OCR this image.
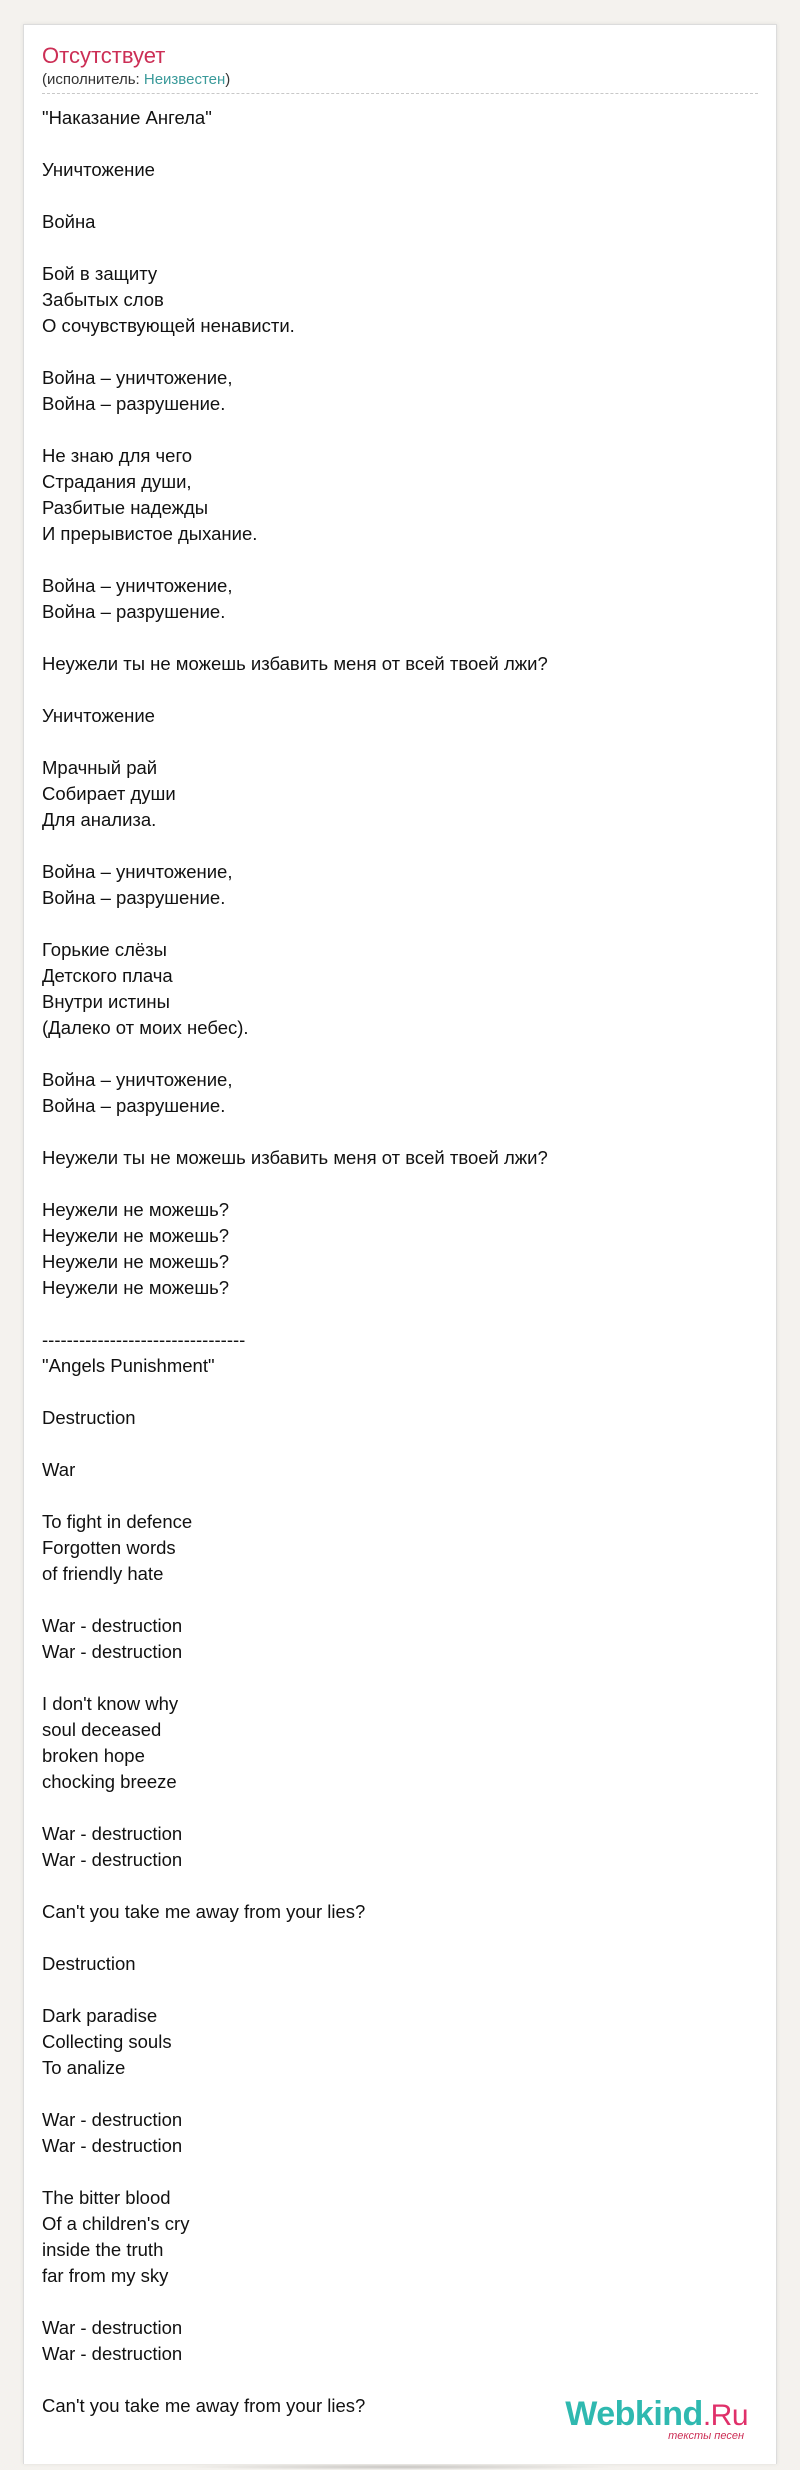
Отсутствует
(исполнитель: Неизвестен)
"Наказание Ангела"

Уничтожение

Война

Бой в защиту
Забытых слов
О сочувствующей ненависти.

Война – уничтожение,
Война – разрушение.

Не знаю для чего
Страдания души,
Разбитые надежды
И прерывистое дыхание.

Война – уничтожение,
Война – разрушение.

Неужели ты не можешь избавить меня от всей твоей лжи?

Уничтожение

Мрачный рай
Собирает души
Для анализа.

Война – уничтожение,
Война – разрушение.

Горькие слёзы
Детского плача
Внутри истины
(Далеко от моих небес).

Война – уничтожение,
Война – разрушение.

Неужели ты не можешь избавить меня от всей твоей лжи?

Неужели не можешь?
Неужели не можешь?
Неужели не можешь?
Неужели не можешь?

---------------------------------
"Angels Punishment"

Destruction

War

To fight in defence
Forgotten words
of friendly hate

War - destruction
War - destruction

I don't know why
soul deceased
broken hope
chocking breeze

War - destruction
War - destruction

Can't you take me away from your lies?

Destruction

Dark paradise
Collecting souls
To analize

War - destruction
War - destruction

The bitter blood
Of a children's cry
inside the truth
far from my sky

War - destruction
War - destruction

Can't you take me away from your lies?	Webkind.Ru
тексты песен
